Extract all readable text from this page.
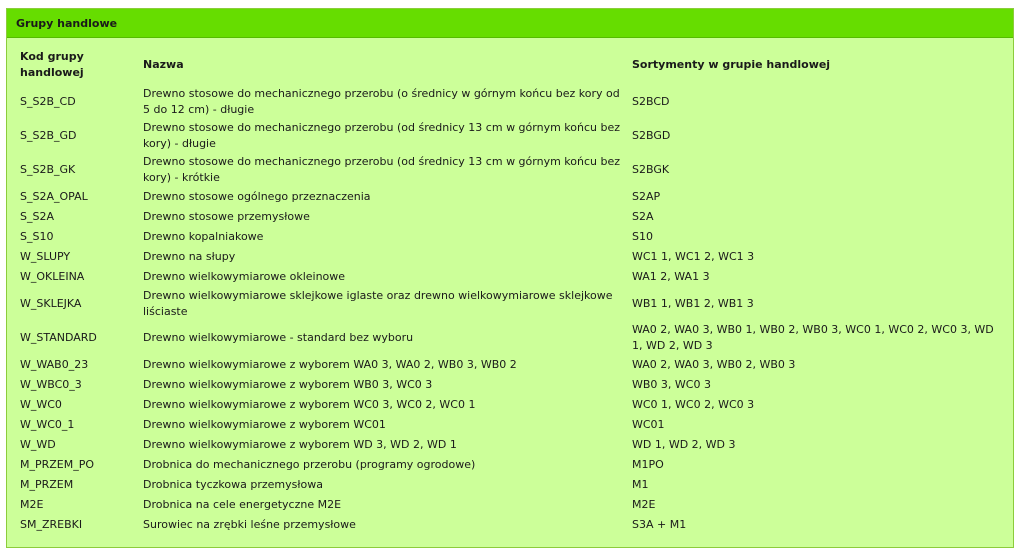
Grupy handlowe
Kod grupy handlowej	Nazwa	Sortymenty w grupie handlowej
S_S2B_CD	Drewno stosowe do mechanicznego przerobu (o średnicy w górnym końcu bez kory od 5 do 12 cm) - długie	S2BCD
S_S2B_GD	Drewno stosowe do mechanicznego przerobu (od średnicy 13 cm w górnym końcu bez kory) - długie	S2BGD
S_S2B_GK	Drewno stosowe do mechanicznego przerobu (od średnicy 13 cm w górnym końcu bez kory) - krótkie	S2BGK
S_S2A_OPAL	Drewno stosowe ogólnego przeznaczenia	S2AP
S_S2A	Drewno stosowe przemysłowe	S2A
S_S10	Drewno kopalniakowe	S10
W_SLUPY	Drewno na słupy	WC1 1, WC1 2, WC1 3
W_OKLEINA	Drewno wielkowymiarowe okleinowe	WA1 2, WA1 3
W_SKLEJKA	Drewno wielkowymiarowe sklejkowe iglaste oraz drewno wielkowymiarowe sklejkowe liściaste	WB1 1, WB1 2, WB1 3
W_STANDARD	Drewno wielkowymiarowe - standard bez wyboru	WA0 2, WA0 3, WB0 1, WB0 2, WB0 3, WC0 1, WC0 2, WC0 3, WD 1, WD 2, WD 3
W_WAB0_23	Drewno wielkowymiarowe z wyborem WA0 3, WA0 2, WB0 3, WB0 2	WA0 2, WA0 3, WB0 2, WB0 3
W_WBC0_3	Drewno wielkowymiarowe z wyborem WB0 3, WC0 3	WB0 3, WC0 3
W_WC0	Drewno wielkowymiarowe z wyborem WC0 3, WC0 2, WC0 1	WC0 1, WC0 2, WC0 3
W_WC0_1	Drewno wielkowymiarowe z wyborem WC01	WC01
W_WD	Drewno wielkowymiarowe z wyborem WD 3, WD 2, WD 1	WD 1, WD 2, WD 3
M_PRZEM_PO	Drobnica do mechanicznego przerobu (programy ogrodowe)	M1PO
M_PRZEM	Drobnica tyczkowa przemysłowa	M1
M2E	Drobnica na cele energetyczne M2E	M2E
SM_ZREBKI	Surowiec na zrębki leśne przemysłowe	S3A + M1
